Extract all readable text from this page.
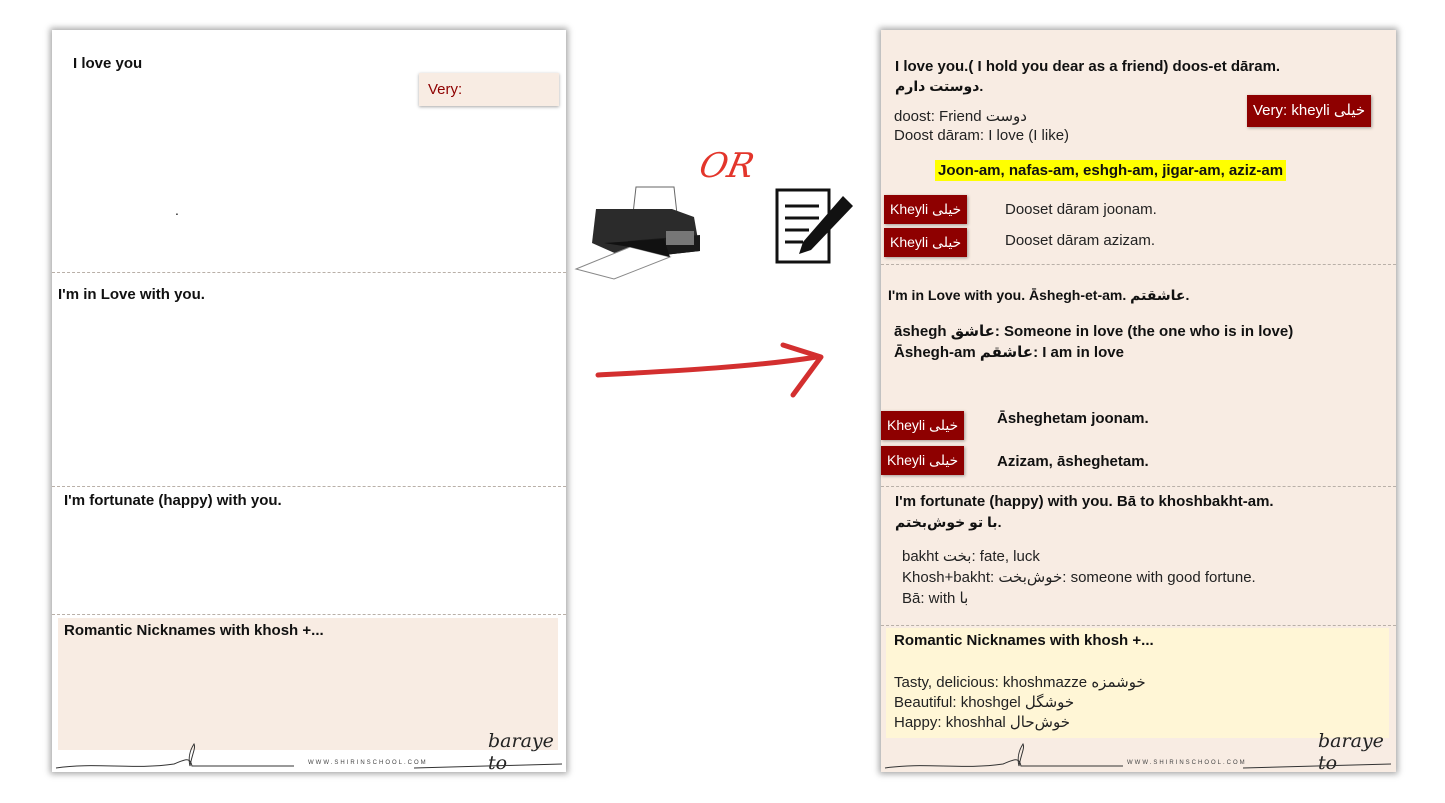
I love you
Very:
.
I'm in Love with you.
I'm fortunate (happy) with you.
Romantic Nicknames with khosh +...
baraye to
WWW.SHIRINSCHOOL.COM
OR
I love you.( I hold you dear as a friend) doos-et dāram.
دوستت دارم.
doost: Friend دوست
Doost dāram: I love (I like)
Very: kheyli خیلی
Joon-am, nafas-am, eshgh-am, jigar-am, aziz-am
Kheyli خیلی	Dooset dāram joonam.
Kheyli خیلی	Dooset dāram azizam.
I'm in Love with you. Āshegh-et-am. عاشقتم.
āshegh عاشق: Someone in love (the one who is in love)
Āshegh-am عاشقم: I am in love
Kheyli خیلی	Āsheghetam joonam.
Kheyli خیلی	Azizam, āsheghetam.
I'm fortunate (happy) with you. Bā to khoshbakht-am.
با تو خوش‌بختم.
bakht بخت: fate, luck
Khosh+bakht: خوش‌بخت: someone with good fortune.
Bā: with با
Romantic Nicknames with khosh +...
Tasty, delicious: khoshmazze خوشمزه
Beautiful: khoshgel خوشگل
Happy: khoshhal خوش‌حال
baraye to
WWW.SHIRINSCHOOL.COM
